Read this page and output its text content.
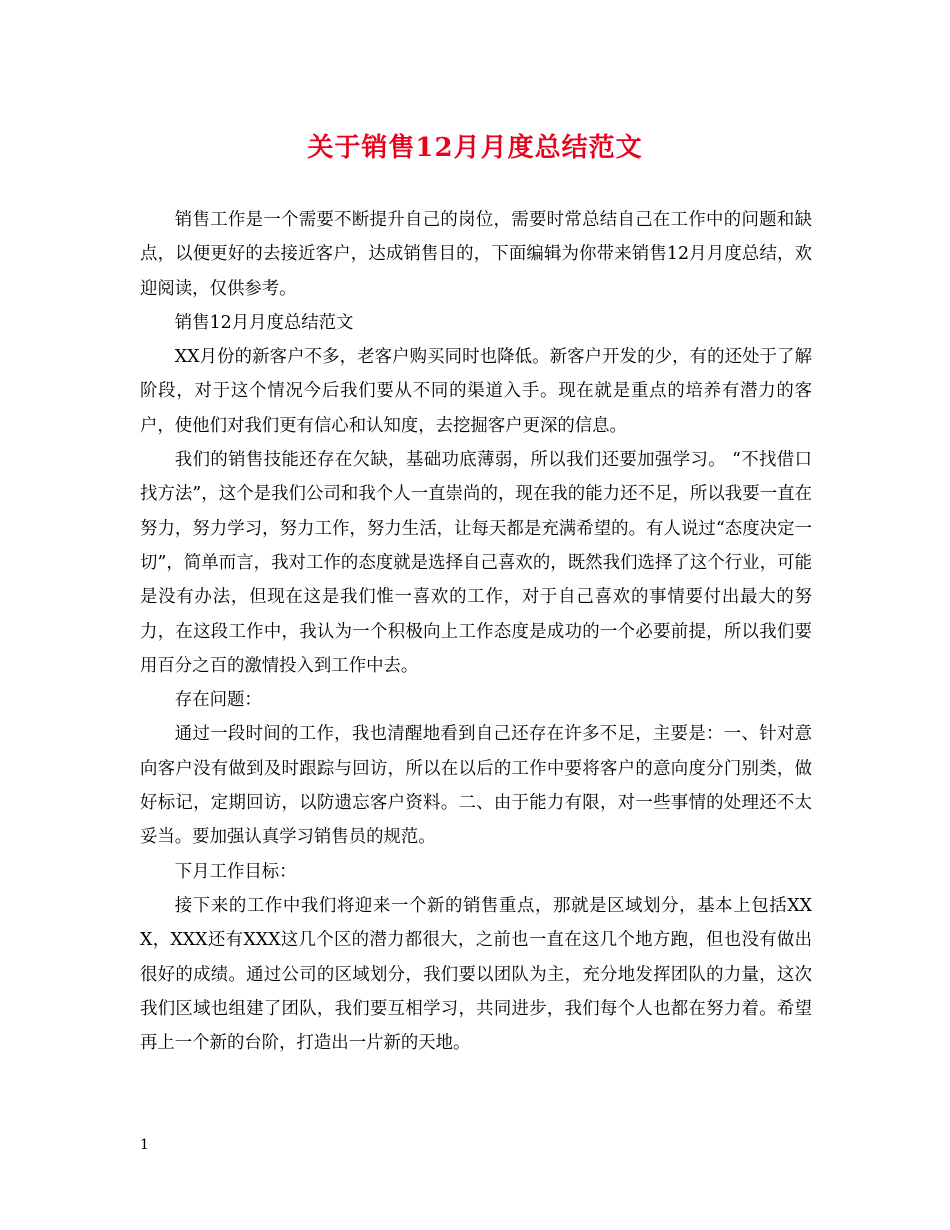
关于销售12月月度总结范文

销售工作是一个需要不断提升自己的岗位，需要时常总结自己在工作中的问题和缺点，以便更好的去接近客户，达成销售目的，下面编辑为你带来销售12月月度总结，欢迎阅读，仅供参考。

销售12月月度总结范文

XX月份的新客户不多，老客户购买同时也降低。新客户开发的少，有的还处于了解阶段，对于这个情况今后我们要从不同的渠道入手。现在就是重点的培养有潜力的客户，使他们对我们更有信心和认知度，去挖掘客户更深的信息。

我们的销售技能还存在欠缺，基础功底薄弱，所以我们还要加强学习。 “不找借口找方法”，这个是我们公司和我个人一直崇尚的，现在我的能力还不足，所以我要一直在努力，努力学习，努力工作，努力生活，让每天都是充满希望的。有人说过“态度决定一切”，简单而言，我对工作的态度就是选择自己喜欢的，既然我们选择了这个行业，可能是没有办法，但现在这是我们惟一喜欢的工作，对于自己喜欢的事情要付出最大的努力，在这段工作中，我认为一个积极向上工作态度是成功的一个必要前提，所以我们要用百分之百的激情投入到工作中去。

存在问题：

通过一段时间的工作，我也清醒地看到自己还存在许多不足，主要是：一、针对意向客户没有做到及时跟踪与回访，所以在以后的工作中要将客户的意向度分门别类，做好标记，定期回访，以防遗忘客户资料。二、由于能力有限，对一些事情的处理还不太妥当。要加强认真学习销售员的规范。

下月工作目标：

接下来的工作中我们将迎来一个新的销售重点，那就是区域划分，基本上包括XXX，XXX还有XXX这几个区的潜力都很大，之前也一直在这几个地方跑，但也没有做出很好的成绩。通过公司的区域划分，我们要以团队为主，充分地发挥团队的力量，这次我们区域也组建了团队，我们要互相学习，共同进步，我们每个人也都在努力着。希望再上一个新的台阶，打造出一片新的天地。

1
